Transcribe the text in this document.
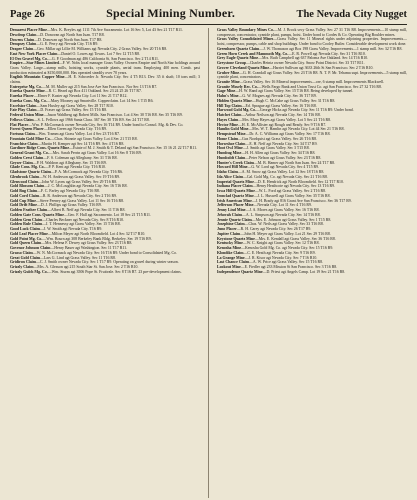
Page 26	Special Mining Number.	The Nevada City Nugget

Demarest Placer Mine—Mrs. K. Breyles agt 1111 7th Ave Sacramento. Lot 16 Sec 5, Lot 43 Sec 21 T17 R11.

Dewdrop Claim—D. Donovan agt North San Juan. T17 R8.

Dowens Claim—D. Donovan agt North San Juan. T17 R8.

Dempsey Claim—G. E. Perry agt Nevada City. T16 R9.

Draper Claim—Geo. Millar agt Lillie M. Williams agt Nevada City. 2 Grass Valley. Sec 20 T16 R8.

East New York Placer Claim—Daniel O. Lowes agt Towns. Lot 7 Sec 12 T15 R8.

El Oro Gravel Mg. Co.—G. P. Goodman agt 486 California St, San Francisco. Sec 2 T14 R11.

Empire—Star Mines Limited—F. W. Nobs local manager Grass Valley. Owners Empire and North Star holdings around Grass Valley. Large—stamp mills, hoisting works, cyanide plants, aerial tram. Employing 400 men. Comb. past production estimated at $150,000,000. Has operated steadily over 70 years.

English Mountain Copper Mine—H. E. Schroeder Jr. Nevada City. Sec 4 T5 R13. Dev. 35 ft shaft; 10 tons mill; 3 claims.

Enterprise Mg. Co.—M. M. Muller agt 215 San Jose Ave San Francisco. Nor Sec 13 T16 R7.

Eureka Quartz Mine—R. C. Heard agt Box 411 Oakland. Sec 23 24 25 26 T17 R7.

Eureka Placer—Elmer F. Kuster agt Nevada City. Lot 11 Sec 21 T17 R12.

Eureka Cons. Mg. Co.—Mary Mooney agt Smartville. Copperclaim. Lot 14 Sec 1 T15 R6.

Excelsior Claim—Sam Huxley agt Grass Valley. Sec 28 T17 R10.

Fair Play Claim—D. Fraser agt Grass Valley. Sec 15 T16 R8.

Federal Union Mine—Jason Wahlberg agt Robert Mills. San Francisco. Lot 4 Sec 30 T16 R8. Sec 35 T16 R9.

Fellows Claim—S. L. Fellows agt 1966 Santa Clara. 367 Sec 30 T16 R9. Sec 24 T17 R8.

Flat Placer—Wm. P. McCormack owner Nevada City. Sec 16 T14 R9. Under bond to Consol. Mg. & Dev. Co.

Forest Queen Placer—Ellen Green agt Nevada City. T16 R9.

Fortuna Claim—Wm. Tramm agt Grass Valley. Lot 4 Sec 23 T16 R7.

Fountain Gold Mine Co.—Chas. Shinnie agt Grass Valley. Lot 4 Sec 21 T15 R8.

Franchise Claim—Martin H. Kemper agt Sec 14 T16 R9. Sec 4 T16 R8.

Gardiner Ridge Cons. Quartz Mine—Estate of M. J. Smith & T. Deland agt San Francisco. Sec 15 16 21 22 T17 R11.

General Grant Mg. Co.—Mrs. Sarah Perrin agt Grass Valley. Lot 16 Sec 8 T16 R9.

Golden Crest Claim—F. S. Coleman agt Alleghany. Sec 31 T16 R8.

Geyser Claim—P. H. Waldron agt Alleghany. Sec 15 T16 R9.

Glade Cons. Mg. Co.—P. P. Kent agt Nevada City. T16 R10.

Gladstone Quartz Claim—P. A. McCormack agt Nevada City. T16 R6.

Glenbrook Claim—W. H. Anderson agt Grass Valley. Sec 19 T16 R9.

Glenwood Claim—John W. Lyons agt Grass Valley. Sec 29 T16 R8.

Gold Blossom Claim—J. C. McLoughlin agt Nevada City. Sec 16 T16 R8.

Gold Bug Claim—F. C. Farley agt Nevada City. T16 R8.

Gold Cord Claim—R. R. Anderson agt Nevada City. Sec 2 T16 R9.

Gold Cup Mine—Steve Feeney agt Grass Valley. Lot 11 Sec 16 T16 R8.

Gold Drift Mine—D. J. Phillips agt Grass Valley. T16 R9.

Golden Feather Claim—Albert B. Neff agt Nevada City. Sec 11 T16 R8.

Golden Gate Cons. Quartz Mine—Geo. F. Hall agt Sacramento. Lot 18 Sec 21 T15 R11.

Golden Gem Claim—Charles Beckner agt Nevada City. Sec 8 T16 R10.

Golden Rule Claim—J. T. Hennessy agt Grass Valley. Sec 15 T16 R8.

Good Luck Claim—J. W. Smith agt Nevada City. T16 R9.

Gold Leaf Placer Mine—Milton Meyer agt North Bloomfield. Lot 4 Sec 32 T17 R10.

Gold Point Mg. Co.—Wm. Bourn agt 308 Berkeley Bank Bldg, Berkeley. Sec 19 T16 R9.

Gold Queen Claim—Mrs. Helena F. Dewey agt Grass Valley. Sec 23 T16 R8.

Govenor Johnson Claim—Henry Bauer agt Washington. Sec 11 T17 R11.

Grasso Claim—W. N. McCormack agt Nevada City. Sec 16 T16 R9. Under bond to Consolidated Mg. Co.

Great Gold Claim—Lars G. Lind agt Grass Valley. Sec 11 T16 R8.

Gridiron Claim—C. J. Smith owner Nevada City. Sec 1 T17 R9. Operating on gravel during winter season.

Grizzly Claim—Mrs. A. Gleason agt 215 South Star St. San Jose. Sec 2 T16 R10.

Grizzly Gulch Mg. Co.—Wm. Sturm agt 3506 Pope St. Fruitvale. Sec 8 T16 R7. 23 pre-development claims.

Grass Valley Boundary Mines Co.—M. J. Brock secy Grass Valley. Sec 27 31 T16 R8. Improvements—10 stamp mill, compressor, concentrator, cyanide plant, pumps, hoist. Under bond to Cordes & Co. Operating Big Boulder mines.

Grass Valley Consolidated Mines—Grass Valley. Sec 11 Mineral rights under adjoining properties. Improvements—hoist, compressor, pumps, cable and shop buildings. Under bond to Cooley Butler. Considerable development work done.

Greenhorn Quartz Claim—J. W. Thomason agt Box 198 Grass Valley. Improvements—1 stamp mill. Sec 32 T16 R8.

Green Horn Creek and Mammoth Mg. Co.—E. R. Powell agt Nevada City. Sec 31 T16 R10.

Grey Eagle Quartz Mine—Mrs. Ruth Campbell agt 637 Paloma Ave Oakland. Sec 14 T16 R10.

Greystone Group—Charles Heintz owner Nevada City. Snow Point District. Sec 33 T17 R11.

Grover Cleveland Quartz Mine—Harriet Sullivan agt 3633 26th St San Francisco. Sec 2 T16 R10.

Gruber Mine—G. H. Crandall agt Grass Valley. Sec 23 T16 R8. N. T. P. Mr. Tehama supt. Improvements—5 stamp mill, cyanide plant, concentrators.

Granite Mine—Grass Valley. Sec 16 Mineral improvements—ore, 6 stamp mill. Improvements Blackwell.

Granite Mosely Rec. Co.—Wells Fargo Bank and Union Trust Co. agt San Francisco. Sec 27 32 T16 R8.

Gage Mine—H. W. Rand agt Grass Valley. Sec 15 T16 R8. Being developed by tunnel.

Hahn's Mine—G. W. Mogzes agt Nevada City. Sec 36 T17 R9.

Hidden Quartz Mine—Hugh C. McCabe agt Grass Valley. Sec 31 T16 R8.

Hill Top Claim—Ed. Sprague agt Grass Valley. Sec 16 T16 R8.

Harwood Gold Mg. Co.—George Hicks agt Nevada City. Sec 11 T16 R9. Under bond.

Hatchet Claim—Arthur Neilson agt Nevada City. Sec 14 T16 R8.

Hayes Claim—Mrs. Mary Hayes agt Grass Valley. Lot 5 Sec 21 T16 R8.

Hector Mine—H. E. McAllister agt Rough and Ready. Sec 9 T16 R7.

Hamlin Gold Mine—Mrs. W. T. Hamlin agt Nevada City. Lot 44 Sec 21 T16 R8.

Hempstead Mine—Dr. A. C. Williams agt Grass Valley. Sec 17 T16 R8.

Home Claim—Gus Nordquist agt Grass Valley. Sec 26 T16 R8.

Horseshoe Claim—E. H. Neff agt Nevada City. Sec 34 T17 R9.

Hoot Owl Mine—J. Smith agt Grass Valley. Sec 3 T15 R8.

Humbug Mine—H. H. Allen agt Grass Valley. Sec 34 T16 R8.

Humboldt Claim—Peter Nelson agt Grass Valley. Sec 23 T16 R8.

Hunter's Creek Claim—M. B. Hamer agt North San Juan. Sec 24 T17 R8.

Howard Hill Mine—G. W. Lord agt Nevada City. Sec 4 T15 R9.

Idaho Claim—A. M. Snow agt Grass Valley. Lot 12 Sec 18 T16 R8.

Ida Alice Claim—Cal. Gold Mg. Co. agt Nevada City. Sec 21 T16 R8.

Imperial Quartz Mine—D. E. Hendrick agt North Bloomfield. Sec 12 T17 R10.

Indiana Placer Claim—Henry Heathcote agt Nevada City. Sec 13 T16 R9.

Iowa Hill Quartz Mine—W. L. Ford agt Grass Valley. Sec 2 T16 R8.

Ironclad Quartz Mine—J. L. Huswell agt Grass Valley. Sec 35 T16 R8.

Irish American Mine—J. H. Brady agt 816 Grant Ave San Francisco. Sec 36 T17 R9.

Jefferson Placer Mine—Nevada City. Lot 11 Sec 4 T16 R9.

Jenny Lind Mine—J. A. Mores agt Grass Valley. Sec 16 T16 R8.

Jehovah Claim—A. L. Simpson agt Nevada City. Sec 14 T16 R8.

Jennie Quartz Claim—Mrs. E. Johnson agt Grass Valley. Sec 1 T15 R8.

Josephine Claim—Chas. W. Neils agt Grass Valley. Sec 33 T16 R8.

Juno Placer—R. H. Carey agt Nevada City. Sec 26 T17 R9.

Jupiter Claim—John H. Meyer agt Grass Valley. Lot 21 Sec 29 T16 R8.

Keystone Quartz Mine—Mrs. E. Kendall agt Grass Valley. Sec 36 T16 R8.

Kentucky Mine—W. C. Knight agt Grass Valley. Sec 12 T16 R8.

Kenosha Mine—Kenosha Gold Mg. Co. agt Nevada City. Sec 15 T16 R9.

Klondike Claim—C. E. Heath agt Nevada City. Sec 9 T16 R9.

La Grange Mine—J. R. Kisor agt Nevada City. Sec 7 T16 R10.

Last Chance Claim—A. W. Price agt Grass Valley. Sec 15 T16 R8.

Lookout Mine—E. Fiedler agt 233 Mission St San Francisco. Sec 3 T16 R8.

Independence Quartz Mine—D. Priest agt Angels Camp. Lot 19 Sec 21 T16 R8.
